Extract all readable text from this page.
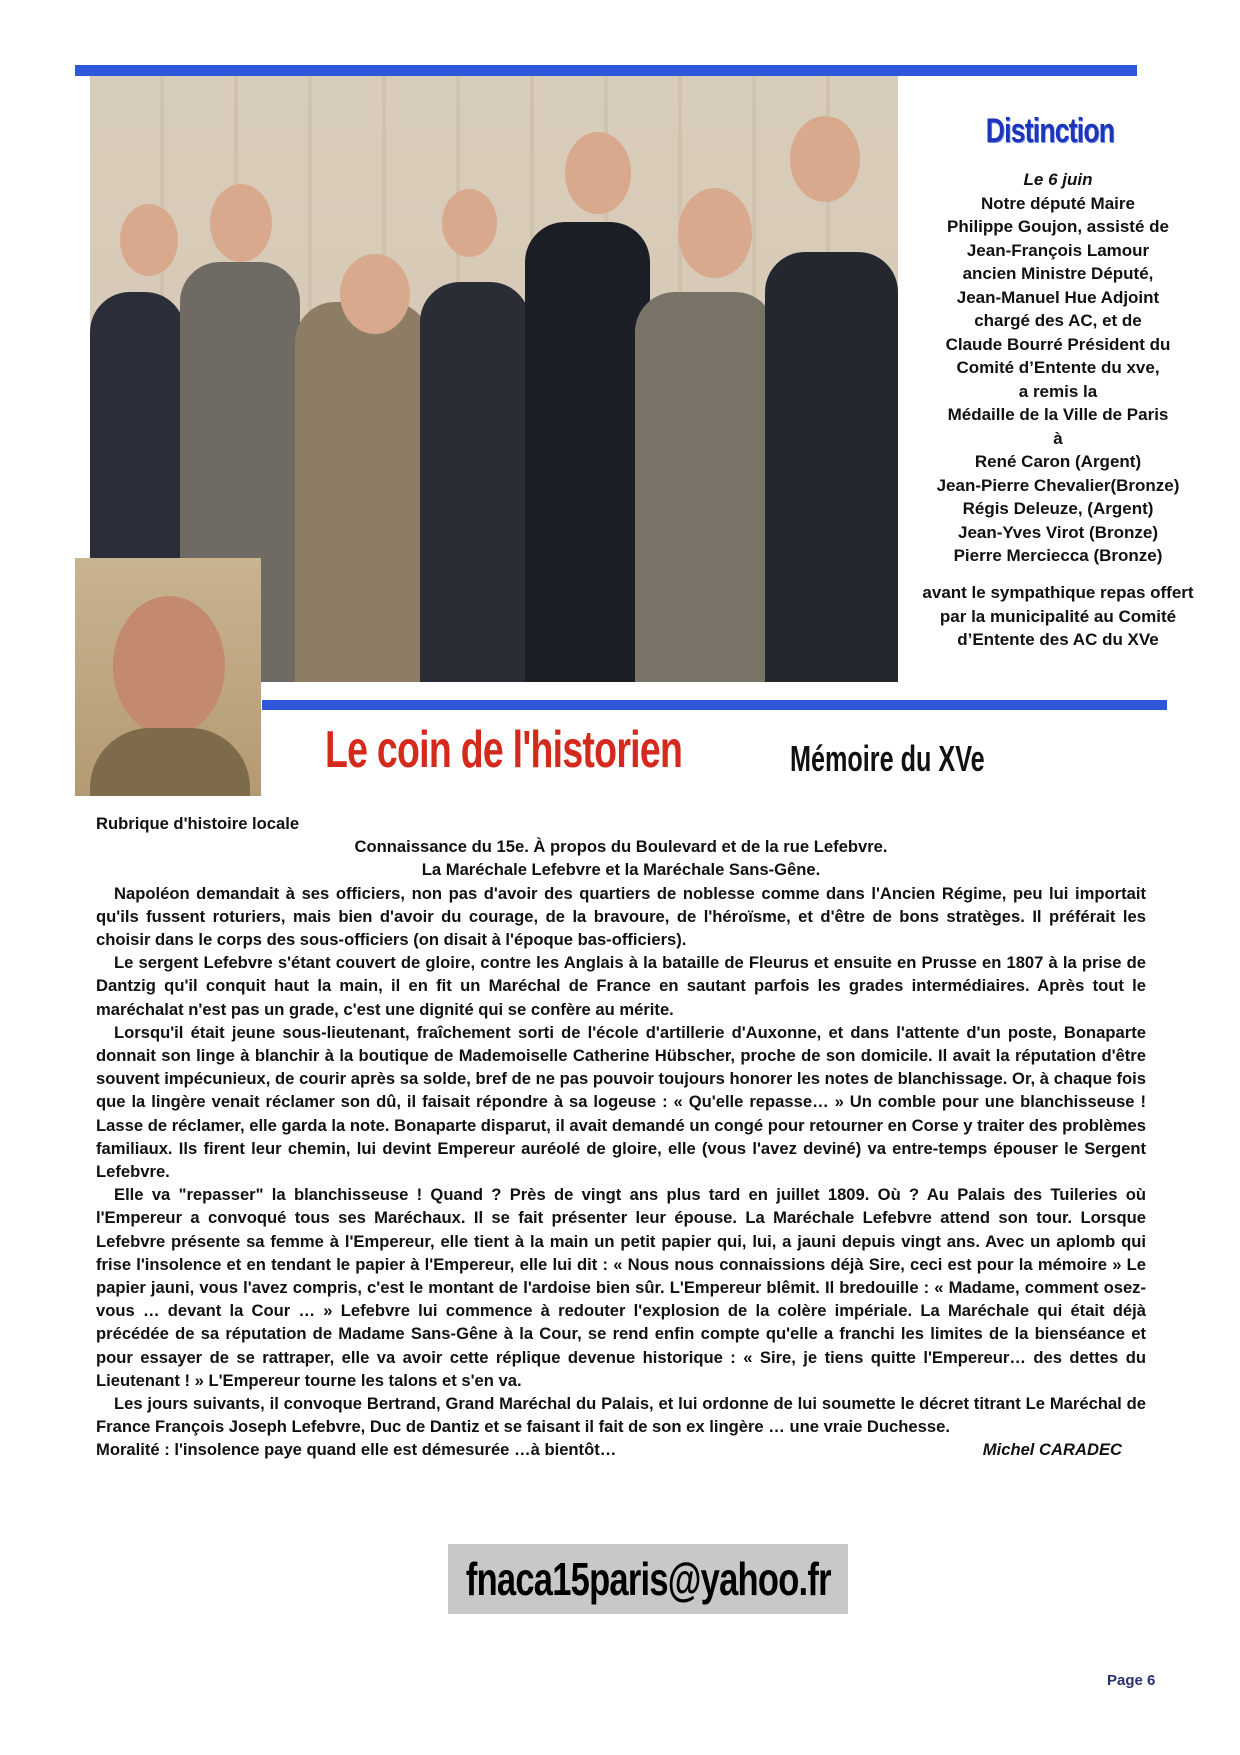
Distinction
Le 6 juin
Notre député Maire
Philippe Goujon, assisté de
Jean-François Lamour
ancien Ministre Député,
Jean-Manuel Hue Adjoint
chargé des AC, et de
Claude Bourré Président du
Comité d’Entente du xve,
a remis la
Médaille de la Ville de Paris
à
René Caron (Argent)
Jean-Pierre Chevalier(Bronze)
Régis Deleuze, (Argent)
Jean-Yves Virot (Bronze)
Pierre Merciecca (Bronze)
avant le sympathique repas offert par la municipalité au Comité d’Entente des AC du XVe
Le coin de l'historien	Mémoire du XVe

Rubrique d'histoire locale

Connaissance du 15e. À propos du Boulevard et de la rue Lefebvre.

La Maréchale Lefebvre et la Maréchale Sans-Gêne.

Napoléon demandait à ses officiers, non pas d'avoir des quartiers de noblesse comme dans l'Ancien Régime, peu lui importait qu'ils fussent roturiers, mais bien d'avoir du courage, de la bravoure, de l'héroïsme, et d'être de bons stratèges. Il préférait les choisir dans le corps des sous-officiers (on disait à l'époque bas-officiers).

Le sergent Lefebvre s'étant couvert de gloire, contre les Anglais à la bataille de Fleurus et ensuite en Prusse en 1807 à la prise de Dantzig qu'il conquit haut la main, il en fit un Maréchal de France en sautant parfois les grades intermédiaires. Après tout le maréchalat n'est pas un grade, c'est une dignité qui se confère au mérite.

Lorsqu'il était jeune sous-lieutenant, fraîchement sorti de l'école d'artillerie d'Auxonne, et dans l'attente d'un poste, Bonaparte donnait son linge à blanchir à la boutique de Mademoiselle Catherine Hübscher, proche de son domicile. Il avait la réputation d'être souvent impécunieux, de courir après sa solde, bref de ne pas pouvoir toujours honorer les notes de blanchissage. Or, à chaque fois que la lingère venait réclamer son dû, il faisait répondre à sa logeuse : « Qu'elle repasse… » Un comble pour une blanchisseuse ! Lasse de réclamer, elle garda la note. Bonaparte disparut, il avait demandé un congé pour retourner en Corse y traiter des problèmes familiaux. Ils firent leur chemin, lui devint Empereur auréolé de gloire, elle (vous l'avez deviné) va entre-temps épouser le Sergent Lefebvre.

Elle va "repasser" la blanchisseuse ! Quand ? Près de vingt ans plus tard en juillet 1809. Où ? Au Palais des Tuileries où l'Empereur a convoqué tous ses Maréchaux. Il se fait présenter leur épouse. La Maréchale Lefebvre attend son tour. Lorsque Lefebvre présente sa femme à l'Empereur, elle tient à la main un petit papier qui, lui, a jauni depuis vingt ans. Avec un aplomb qui frise l'insolence et en tendant le papier à l'Empereur, elle lui dit : « Nous nous connaissions déjà Sire, ceci est pour la mémoire » Le papier jauni, vous l'avez compris, c'est le montant de l'ardoise bien sûr. L'Empereur blêmit. Il bredouille : « Madame, comment osez-vous … devant la Cour … » Lefebvre lui commence à redouter l'explosion de la colère impériale. La Maréchale qui était déjà précédée de sa réputation de Madame Sans-Gêne à la Cour, se rend enfin compte qu'elle a franchi les limites de la bienséance et pour essayer de se rattraper, elle va avoir cette réplique devenue historique : « Sire, je tiens quitte l'Empereur… des dettes du Lieutenant ! » L'Empereur tourne les talons et s'en va.

Les jours suivants, il convoque Bertrand, Grand Maréchal du Palais, et lui ordonne de lui soumette le décret titrant Le Maréchal de France François Joseph Lefebvre, Duc de Dantiz et se faisant il fait de son ex lingère … une vraie Duchesse.

Moralité : l'insolence paye quand elle est démesurée …à bientôt…	Michel CARADEC
fnaca15paris@yahoo.fr
Page 6
